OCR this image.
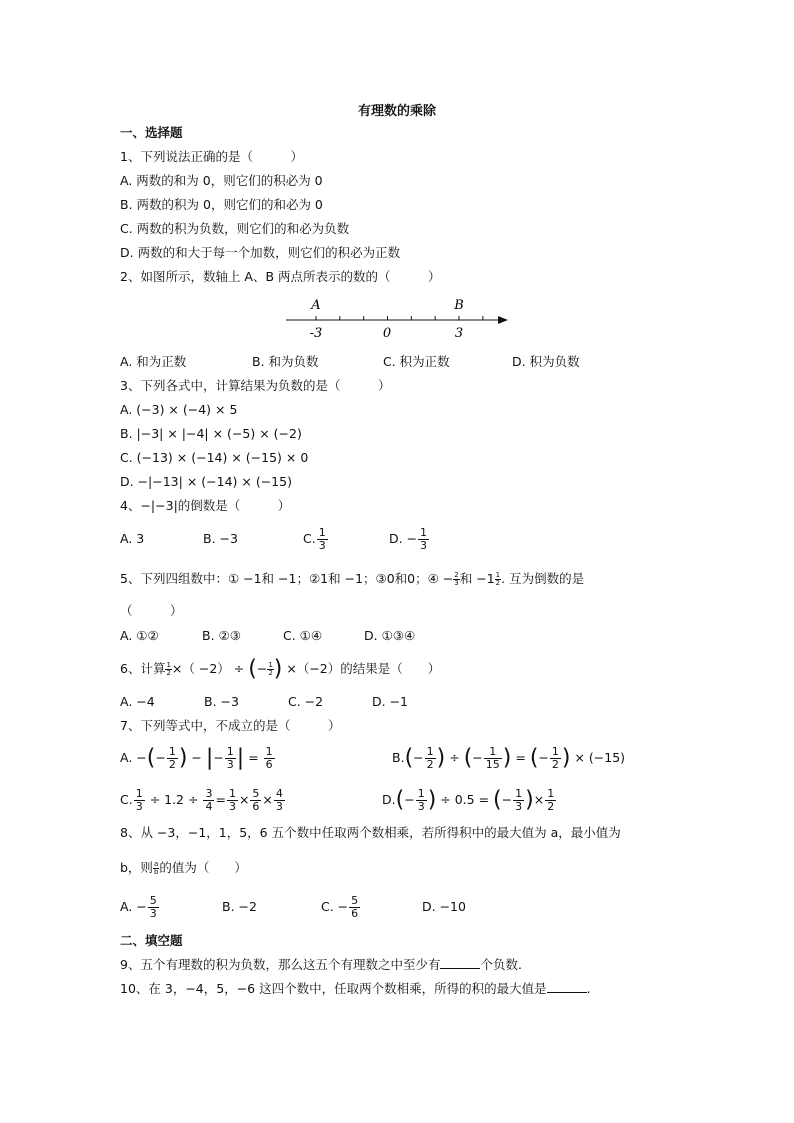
有理数的乘除
一、选择题
1、下列说法正确的是（　　　）
A. 两数的和为 0，则它们的积必为 0
B. 两数的积为 0，则它们的和必为 0
C. 两数的积为负数，则它们的和必为负数
D. 两数的和大于每一个加数，则它们的积必为正数
2、如图所示，数轴上 A、B 两点所表示的数的（　　　）
A	B
-3	0	3
A. 和为正数	B. 和为负数	C. 积为正数	D. 积为负数
3、下列各式中，计算结果为负数的是（　　　）
A. (−3) × (−4) × 5
B. |−3| × |−4| × (−5) × (−2)
C. (−13) × (−14) × (−15) × 0
D. −|−13| × (−14) × (−15)
4、−|−3|的倒数是（　　　）
A. 3	B. −3	C. $\frac{1}{3}$	D. − $\frac{1}{3}$
5、下列四组数中：① −1和 −1；②1和 −1；③0和0；④ − $\frac{2}{3}$ 和 $-1 \frac{1}{2}$ . 互为倒数的是
（　　　）
A. ①②	B. ②③	C. ①④	D. ①③④
6、计算 $\frac{1}{2}$ ×（ −2） ÷ (− $\frac{1}{2}$ ) ×（−2）的结果是（　　）
A. −4	B. −3	C. −2	D. −1
7、下列等式中，不成立的是（　　　）
A. −(− $\frac{1}{2}$ ) − |− $\frac{1}{3}$ | = $\frac{1}{6}$	$B.(- \frac{1}{2}$ ) ÷ (− $\frac{1}{15}$ ) = (− $\frac{1}{2}$ ) × (−15)
C. $\frac{1}{3} \div 1.2 \div \frac{3}{4} = \frac{1}{3} \times \frac{5}{6} \times \frac{4}{3}$	$D.(- \frac{1}{3}$ ) ÷ 0.5 = (− $\frac{1}{3}$ )× $\frac{1}{2}$
8、从 −3，−1，1，5，6 五个数中任取两个数相乘，若所得积中的最大值为 a，最小值为
b，则 $\frac{a}{b}$ 的值为（　　）
A. − $\frac{5}{3}$	B. −2	C. − $\frac{5}{6}$	D. −10
二、填空题
9、五个有理数的积为负数，那么这五个有理数之中至少有	个负数.
10、在 3，−4，5，−6 这四个数中，任取两个数相乘，所得的积的最大值是	.
